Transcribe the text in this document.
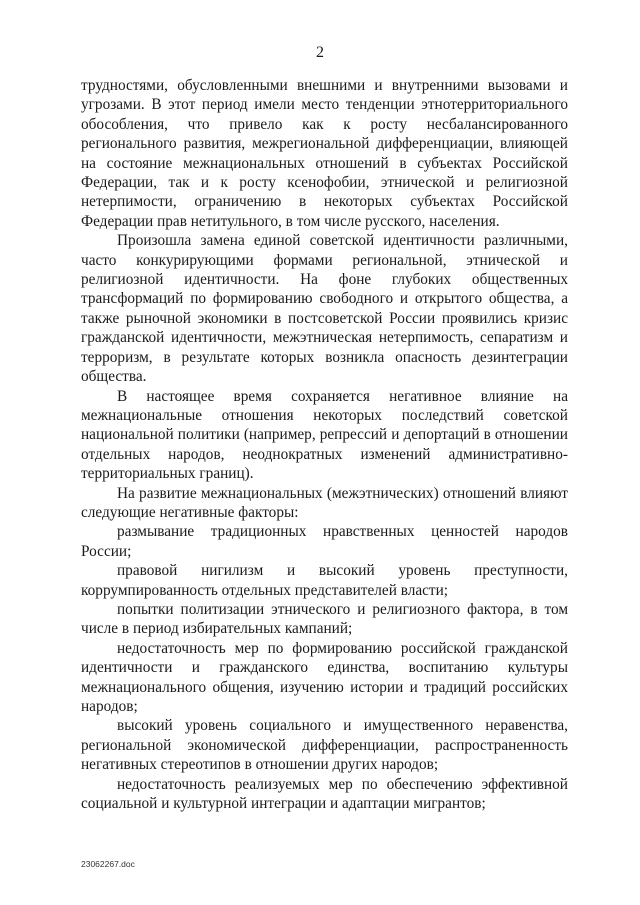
2

трудностями, обусловленными внешними и внутренними вызовами и угрозами. В этот период имели место тенденции этнотерриториального обособления, что привело как к росту несбалансированного регионального развития, межрегиональной дифференциации, влияющей на состояние межнациональных отношений в субъектах Российской Федерации, так и к росту ксенофобии, этнической и религиозной нетерпимости, ограничению в некоторых субъектах Российской Федерации прав нетитульного, в том числе русского, населения.

Произошла замена единой советской идентичности различными, часто конкурирующими формами региональной, этнической и религиозной идентичности. На фоне глубоких общественных трансформаций по формированию свободного и открытого общества, а также рыночной экономики в постсоветской России проявились кризис гражданской идентичности, межэтническая нетерпимость, сепаратизм и терроризм, в результате которых возникла опасность дезинтеграции общества.

В настоящее время сохраняется негативное влияние на межнациональные отношения некоторых последствий советской национальной политики (например, репрессий и депортаций в отношении отдельных народов, неоднократных изменений административно-территориальных границ).

На развитие межнациональных (межэтнических) отношений влияют следующие негативные факторы:

размывание традиционных нравственных ценностей народов России;

правовой нигилизм и высокий уровень преступности, коррумпированность отдельных представителей власти;

попытки политизации этнического и религиозного фактора, в том числе в период избирательных кампаний;

недостаточность мер по формированию российской гражданской идентичности и гражданского единства, воспитанию культуры межнационального общения, изучению истории и традиций российских народов;

высокий уровень социального и имущественного неравенства, региональной экономической дифференциации, распространенность негативных стереотипов в отношении других народов;

недостаточность реализуемых мер по обеспечению эффективной социальной и культурной интеграции и адаптации мигрантов;

23062267.doc
